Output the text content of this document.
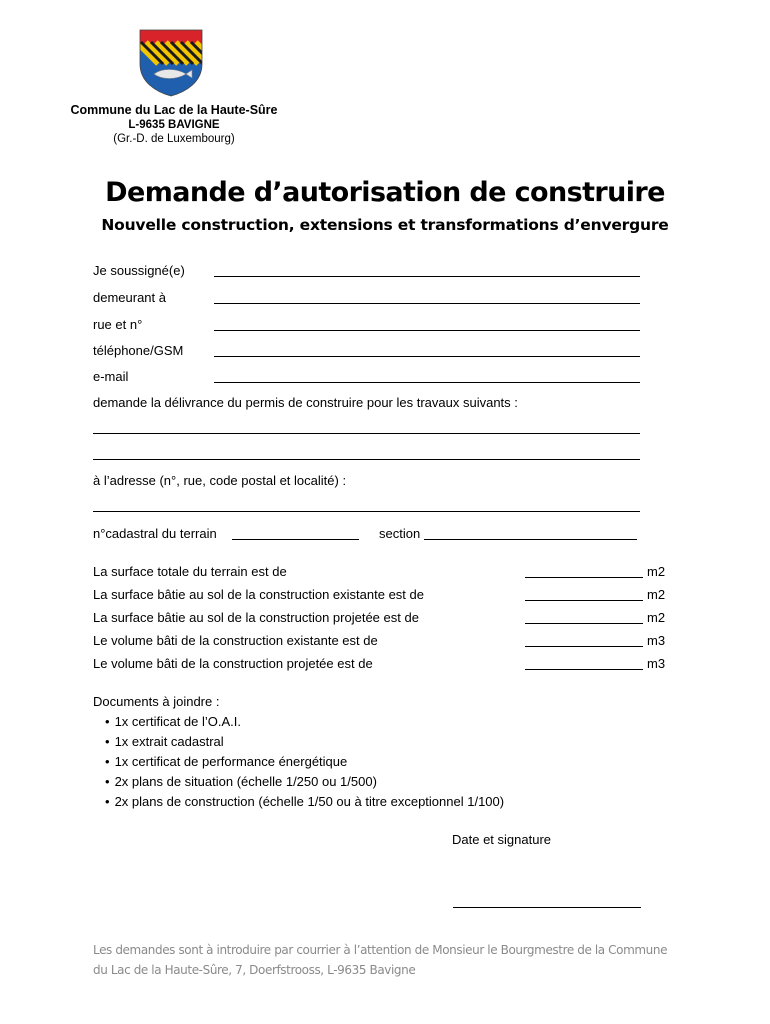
Commune du Lac de la Haute-Sûre
L-9635 BAVIGNE
(Gr.-D. de Luxembourg)
Demande d’autorisation de construire
Nouvelle construction, extensions et transformations d’envergure
Je soussigné(e)
demeurant à
rue et n°
téléphone/GSM
e-mail
demande la délivrance du permis de construire pour les travaux suivants :
à l’adresse (n°, rue, code postal et localité) :
n°cadastral du terrain	section
La surface totale du terrain est de	m2
La surface bâtie au sol de la construction existante est de	m2
La surface bâtie au sol de la construction projetée est de	m2
Le volume bâti de la construction existante est de	m3
Le volume bâti de la construction projetée est de	m3
Documents à joindre :
• 1x certificat de l’O.A.I.
• 1x extrait cadastral
• 1x certificat de performance énergétique
• 2x plans de situation (échelle 1/250 ou 1/500)
• 2x plans de construction (échelle 1/50 ou à titre exceptionnel 1/100)
Date et signature
Les demandes sont à introduire par courrier à l’attention de Monsieur le Bourgmestre de la Commune
du Lac de la Haute-Sûre, 7, Doerfstrooss, L-9635 Bavigne
